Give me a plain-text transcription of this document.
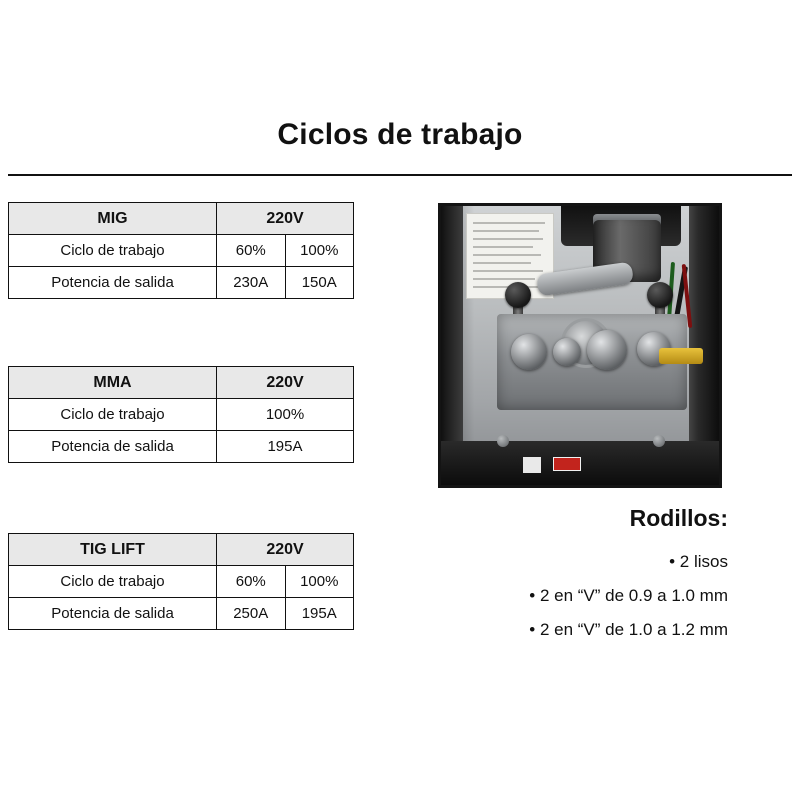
Ciclos de trabajo
MIG	220V	
Ciclo de trabajo	60%	100%
Potencia de salida	230A	150A
MMA	220V
Ciclo de trabajo	100%
Potencia de salida	195A
TIG LIFT	220V	
Ciclo de trabajo	60%	100%
Potencia de salida	250A	195A
Rodillos:
• 2 lisos
• 2 en “V” de 0.9 a 1.0 mm
• 2 en “V” de 1.0 a 1.2 mm
